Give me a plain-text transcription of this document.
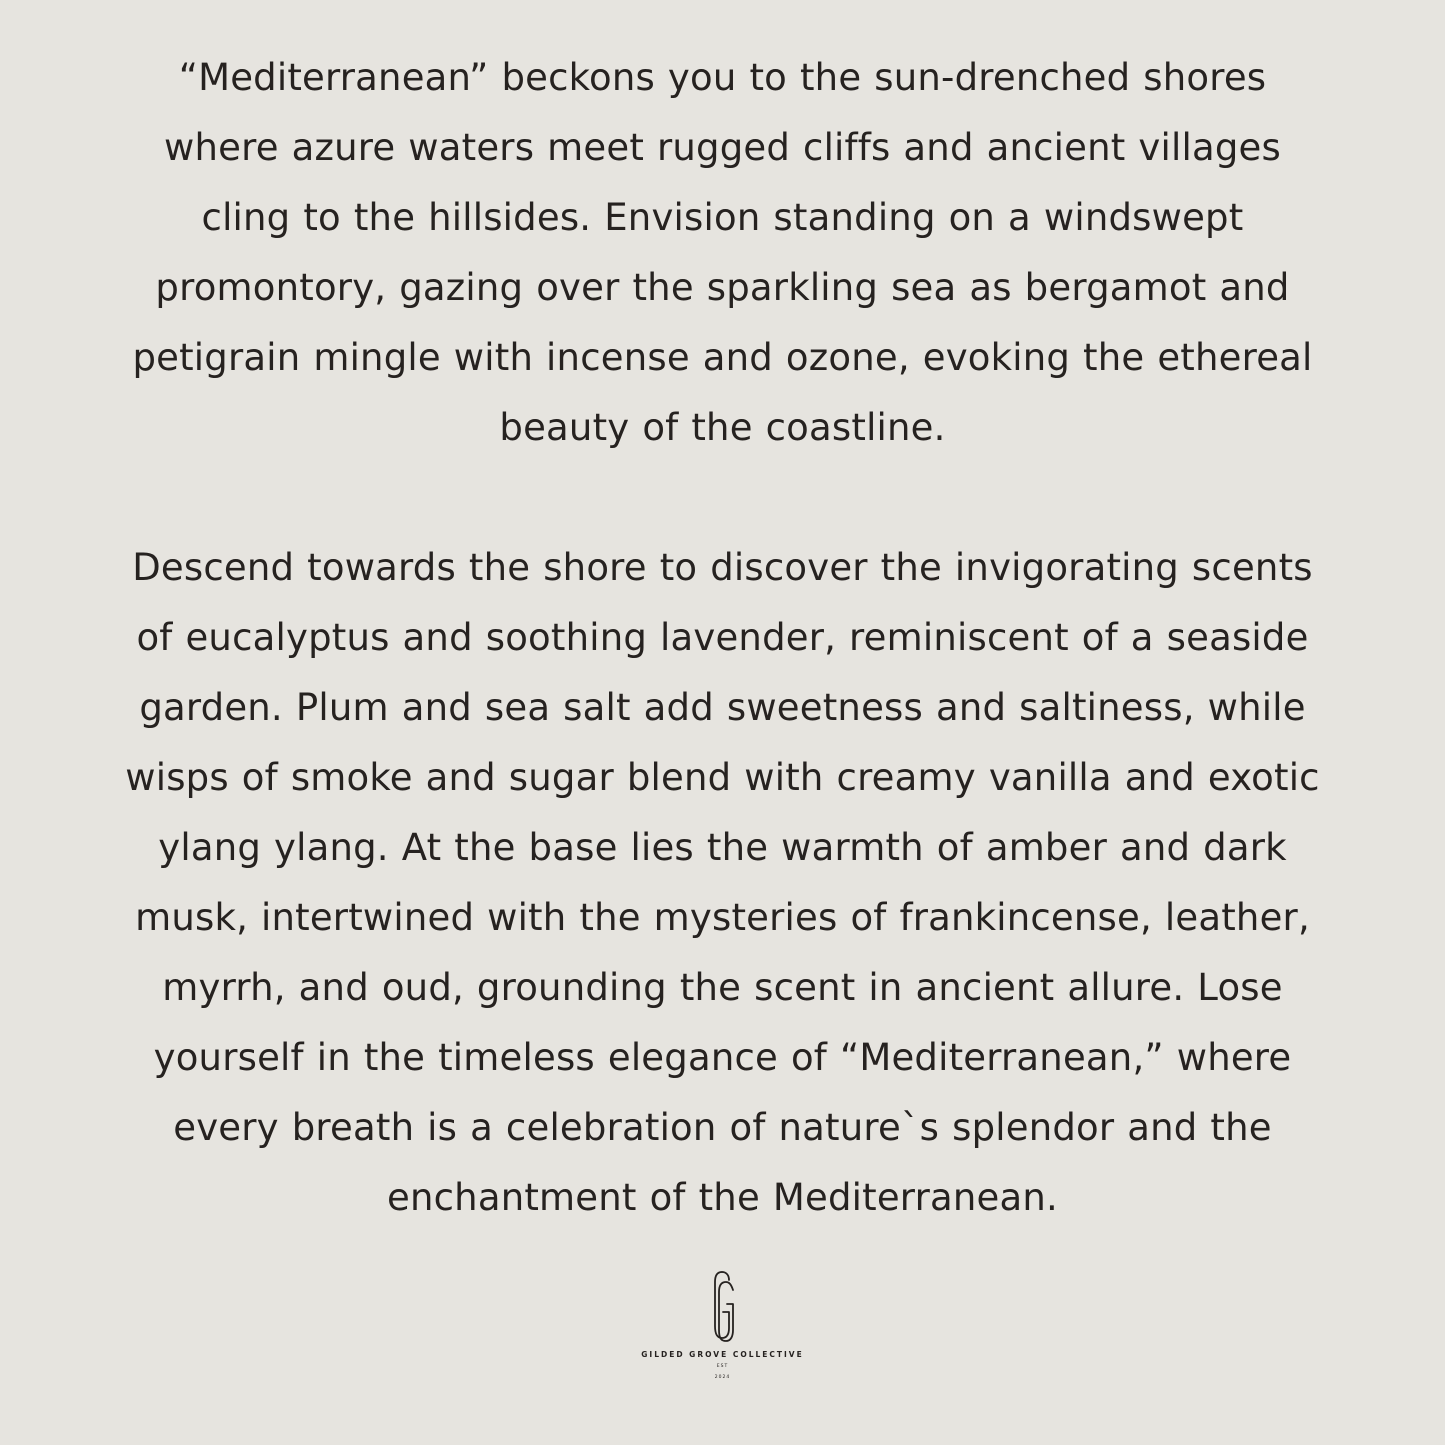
“Mediterranean” beckons you to the sun-drenched shores
where azure waters meet rugged cliffs and ancient villages
cling to the hillsides. Envision standing on a windswept
promontory, gazing over the sparkling sea as bergamot and
petigrain mingle with incense and ozone, evoking the ethereal
beauty of the coastline.
Descend towards the shore to discover the invigorating scents
of eucalyptus and soothing lavender, reminiscent of a seaside
garden. Plum and sea salt add sweetness and saltiness, while
wisps of smoke and sugar blend with creamy vanilla and exotic
ylang ylang. At the base lies the warmth of amber and dark
musk, intertwined with the mysteries of frankincense, leather,
myrrh, and oud, grounding the scent in ancient allure. Lose
yourself in the timeless elegance of “Mediterranean,” where
every breath is a celebration of nature`s splendor and the
enchantment of the Mediterranean.
GILDED GROVE COLLECTIVE
EST
2024
